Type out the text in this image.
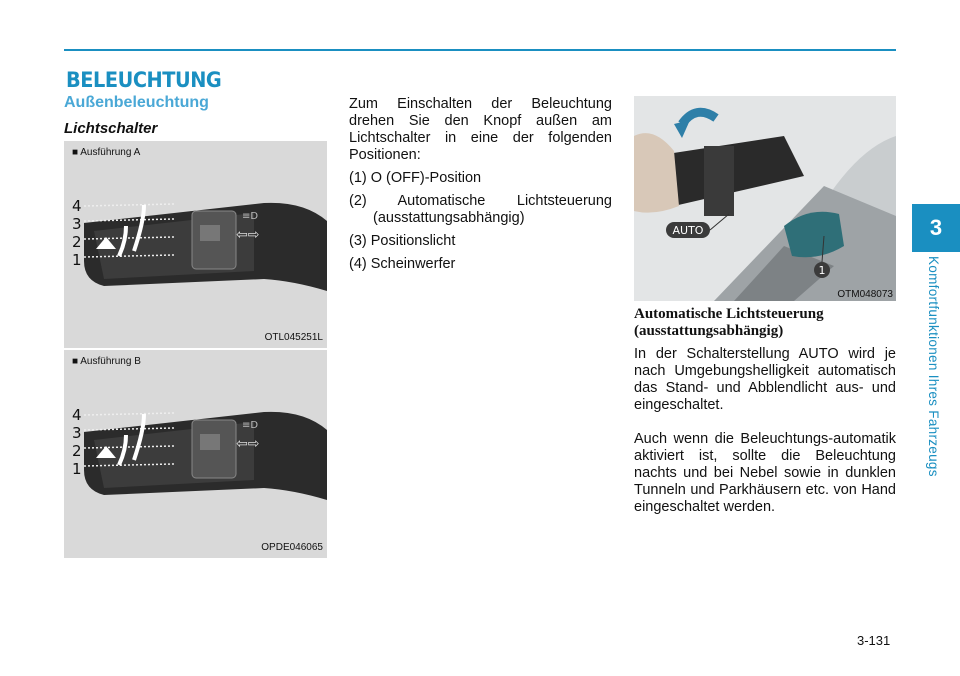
BELEUCHTUNG
Außenbeleuchtung
Lichtschalter
■ Ausführung A
≡D
⇦⇨
4
3
2
1
OTL045251L
■ Ausführung B
≡D
⇦⇨
4
3
2
1
OPDE046065

Zum Einschalten der Beleuchtung drehen Sie den Knopf außen am Lichtschalter in eine der folgenden Positionen:

(1) O (OFF)-Position

(2) Automatische Lichtsteuerung (ausstattungsabhängig)

(3) Positionslicht

(4) Scheinwerfer

AUTO
1
OTM048073

Automatische Lichtsteuerung (ausstattungsabhängig)

In der Schalterstellung AUTO wird je nach Umgebungshelligkeit automatisch das Stand- und Abblendlicht aus- und eingeschaltet.

Auch wenn die Beleuchtungs-automatik aktiviert ist, sollte die Beleuchtung nachts und bei Nebel sowie in dunklen Tunneln und Parkhäusern etc. von Hand eingeschaltet werden.

3
Komfortfunktionen Ihres Fahrzeugs
3-131
